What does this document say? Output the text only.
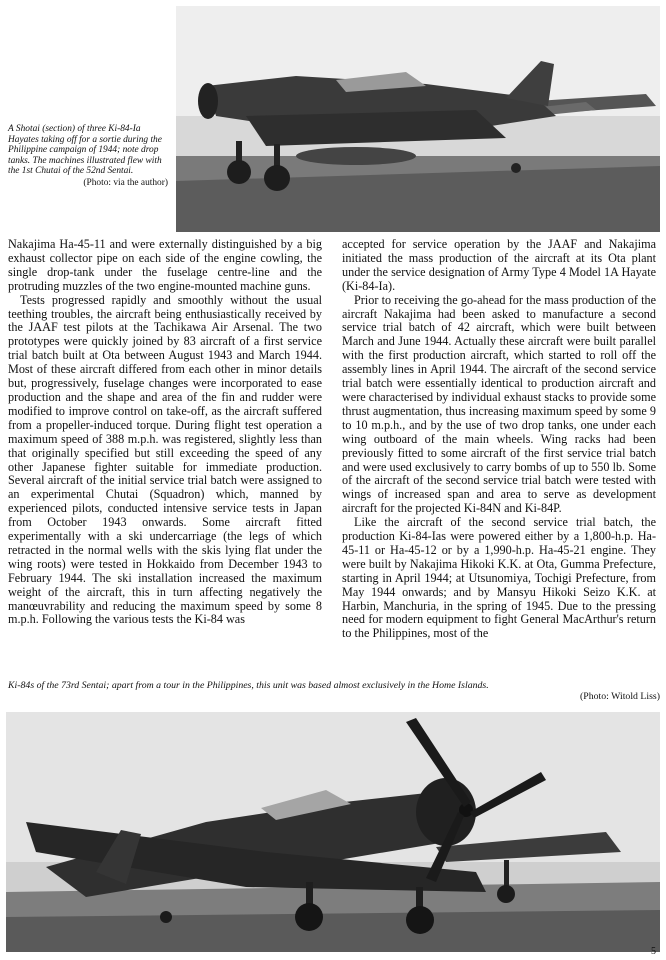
A Shotai (section) of three Ki-84-Ia Hayates taking off for a sortie during the Philippine campaign of 1944; note drop tanks. The machines illustrated flew with the 1st Chutai of the 52nd Sentai.
(Photo: via the author)

Nakajima Ha-45-11 and were externally distinguished by a big exhaust collector pipe on each side of the engine cowling, the single drop-tank under the fuselage centre-line and the protruding muzzles of the two engine-mounted machine guns.

Tests progressed rapidly and smoothly without the usual teething troubles, the aircraft being enthusiastically received by the JAAF test pilots at the Tachikawa Air Arsenal. The two prototypes were quickly joined by 83 aircraft of a first service trial batch built at Ota between August 1943 and March 1944. Most of these aircraft differed from each other in minor details but, progressively, fuselage changes were incorporated to ease production and the shape and area of the fin and rudder were modified to improve control on take-off, as the aircraft suffered from a propeller-induced torque. During flight test operation a maximum speed of 388 m.p.h. was registered, slightly less than that originally specified but still exceeding the speed of any other Japanese fighter suitable for immediate production. Several aircraft of the initial service trial batch were assigned to an experimental Chutai (Squadron) which, manned by experienced pilots, conducted intensive service tests in Japan from October 1943 onwards. Some aircraft fitted experimentally with a ski undercarriage (the legs of which retracted in the normal wells with the skis lying flat under the wing roots) were tested in Hokkaido from December 1943 to February 1944. The ski installation increased the maximum weight of the aircraft, this in turn affecting negatively the manœuvrability and reducing the maximum speed by some 8 m.p.h. Following the various tests the Ki-84 was

accepted for service operation by the JAAF and Nakajima initiated the mass production of the aircraft at its Ota plant under the service designation of Army Type 4 Model 1A Hayate (Ki-84-Ia).

Prior to receiving the go-ahead for the mass production of the aircraft Nakajima had been asked to manufacture a second service trial batch of 42 aircraft, which were built between March and June 1944. Actually these aircraft were built parallel with the first production aircraft, which started to roll off the assembly lines in April 1944. The aircraft of the second service trial batch were essentially identical to production aircraft and were characterised by individual exhaust stacks to provide some thrust augmentation, thus increasing maximum speed by some 9 to 10 m.p.h., and by the use of two drop tanks, one under each wing outboard of the main wheels. Wing racks had been previously fitted to some aircraft of the first service trial batch and were used exclusively to carry bombs of up to 550 lb. Some of the aircraft of the second service trial batch were tested with wings of increased span and area to serve as development aircraft for the projected Ki-84N and Ki-84P.

Like the aircraft of the second service trial batch, the production Ki-84-Ias were powered either by a 1,800-h.p. Ha-45-11 or Ha-45-12 or by a 1,990-h.p. Ha-45-21 engine. They were built by Nakajima Hikoki K.K. at Ota, Gumma Prefecture, starting in April 1944; at Utsunomiya, Tochigi Prefecture, from May 1944 onwards; and by Mansyu Hikoki Seizo K.K. at Harbin, Manchuria, in the spring of 1945. Due to the pressing need for modern equipment to fight General MacArthur's return to the Philippines, most of the

Ki-84s of the 73rd Sentai; apart from a tour in the Philippines, this unit was based almost exclusively in the Home Islands.
(Photo: Witold Liss)
5
